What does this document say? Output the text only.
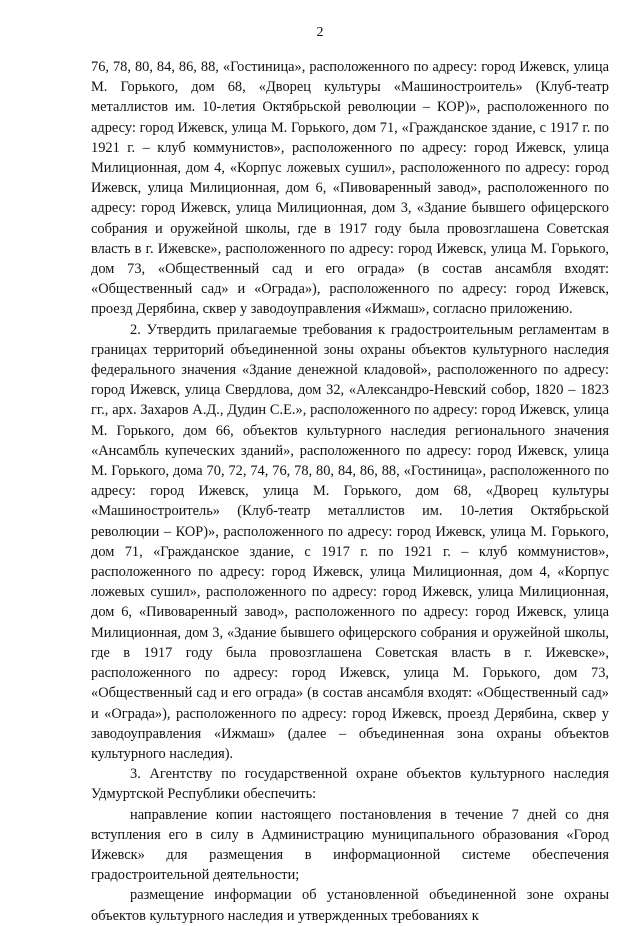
2

76, 78, 80, 84, 86, 88, «Гостиница», расположенного по адресу: город Ижевск, улица М. Горького, дом 68, «Дворец культуры «Машиностроитель» (Клуб-театр металлистов им. 10-летия Октябрьской революции – КОР)», расположенного по адресу: город Ижевск, улица М. Горького, дом 71, «Гражданское здание, с 1917 г. по 1921 г. – клуб коммунистов», расположенного по адресу: город Ижевск, улица Милиционная, дом 4, «Корпус ложевых сушил», расположенного по адресу: город Ижевск, улица Милиционная, дом 6, «Пивоваренный завод», расположенного по адресу: город Ижевск, улица Милиционная, дом 3, «Здание бывшего офицерского собрания и оружейной школы, где в 1917 году была провозглашена Советская власть в г. Ижевске», расположенного по адресу: город Ижевск, улица М. Горького, дом 73, «Общественный сад и его ограда» (в состав ансамбля входят: «Общественный сад» и «Ограда»), расположенного по адресу: город Ижевск, проезд Дерябина, сквер у заводоуправления «Ижмаш», согласно приложению.

2. Утвердить прилагаемые требования к градостроительным регламентам в границах территорий объединенной зоны охраны объектов культурного наследия федерального значения «Здание денежной кладовой», расположенного по адресу: город Ижевск, улица Свердлова, дом 32, «Александро-Невский собор, 1820 – 1823 гг., арх. Захаров А.Д., Дудин С.Е.», расположенного по адресу: город Ижевск, улица М. Горького, дом 66, объектов культурного наследия регионального значения «Ансамбль купеческих зданий», расположенного по адресу: город Ижевск, улица М. Горького, дома 70, 72, 74, 76, 78, 80, 84, 86, 88, «Гостиница», расположенного по адресу: город Ижевск, улица М. Горького, дом 68, «Дворец культуры «Машиностроитель» (Клуб-театр металлистов им. 10-летия Октябрьской революции – КОР)», расположенного по адресу: город Ижевск, улица М. Горького, дом 71, «Гражданское здание, с 1917 г. по 1921 г. – клуб коммунистов», расположенного по адресу: город Ижевск, улица Милиционная, дом 4, «Корпус ложевых сушил», расположенного по адресу: город Ижевск, улица Милиционная, дом 6, «Пивоваренный завод», расположенного по адресу: город Ижевск, улица Милиционная, дом 3, «Здание бывшего офицерского собрания и оружейной школы, где в 1917 году была провозглашена Советская власть в г. Ижевске», расположенного по адресу: город Ижевск, улица М. Горького, дом 73, «Общественный сад и его ограда» (в состав ансамбля входят: «Общественный сад» и «Ограда»), расположенного по адресу: город Ижевск, проезд Дерябина, сквер у заводоуправления «Ижмаш» (далее – объединенная зона охраны объектов культурного наследия).

3. Агентству по государственной охране объектов культурного наследия Удмуртской Республики обеспечить:

направление копии настоящего постановления в течение 7 дней со дня вступления его в силу в Администрацию муниципального образования «Город Ижевск» для размещения в информационной системе обеспечения градостроительной деятельности;

размещение информации об установленной объединенной зоне охраны объектов культурного наследия и утвержденных требованиях к
